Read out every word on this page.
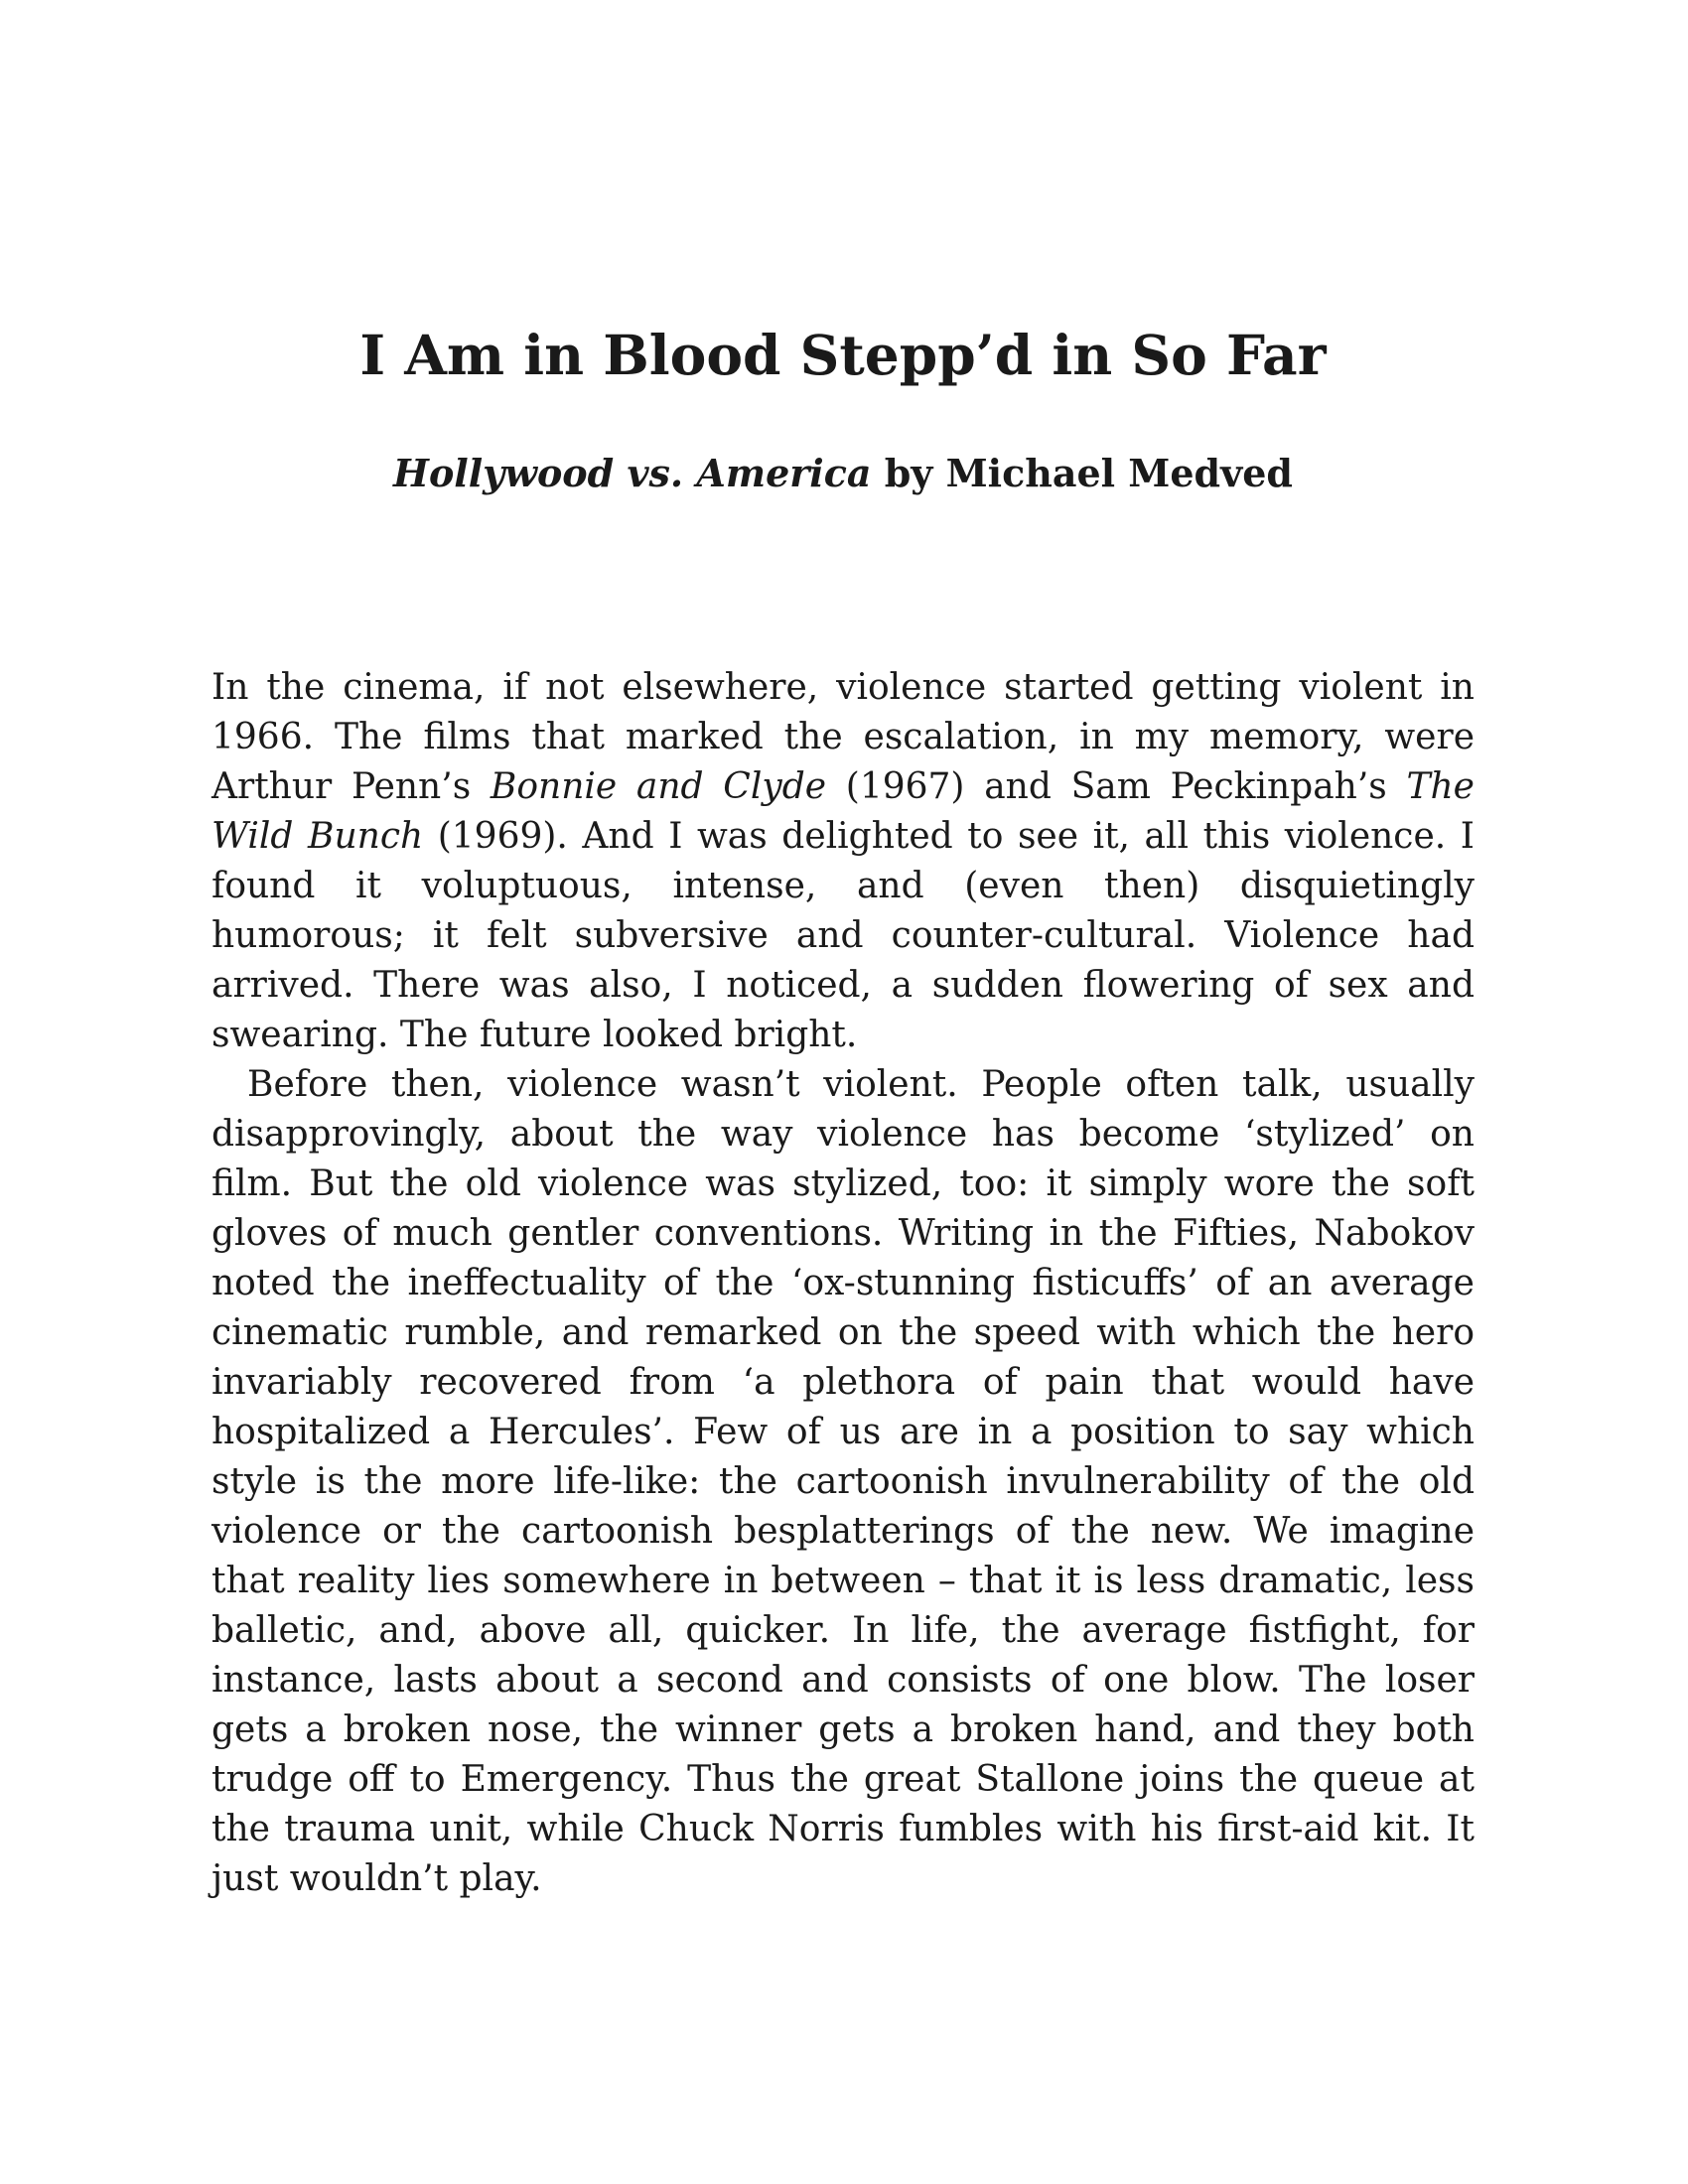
I Am in Blood Stepp’d in So Far
Hollywood vs. America by Michael Medved
In the cinema, if not elsewhere, violence started getting violent in
1966. The films that marked the escalation, in my memory, were
Arthur Penn’s Bonnie and Clyde (1967) and Sam Peckinpah’s The
Wild Bunch (1969). And I was delighted to see it, all this violence. I
found it voluptuous, intense, and (even then) disquietingly
humorous; it felt subversive and counter-cultural. Violence had
arrived. There was also, I noticed, a sudden flowering of sex and
swearing. The future looked bright.
Before then, violence wasn’t violent. People often talk, usually
disapprovingly, about the way violence has become ‘stylized’ on
film. But the old violence was stylized, too: it simply wore the soft
gloves of much gentler conventions. Writing in the Fifties, Nabokov
noted the ineffectuality of the ‘ox-stunning fisticuffs’ of an average
cinematic rumble, and remarked on the speed with which the hero
invariably recovered from ‘a plethora of pain that would have
hospitalized a Hercules’. Few of us are in a position to say which
style is the more life-like: the cartoonish invulnerability of the old
violence or the cartoonish besplatterings of the new. We imagine
that reality lies somewhere in between – that it is less dramatic, less
balletic, and, above all, quicker. In life, the average fistfight, for
instance, lasts about a second and consists of one blow. The loser
gets a broken nose, the winner gets a broken hand, and they both
trudge off to Emergency. Thus the great Stallone joins the queue at
the trauma unit, while Chuck Norris fumbles with his first-aid kit. It
just wouldn’t play.
